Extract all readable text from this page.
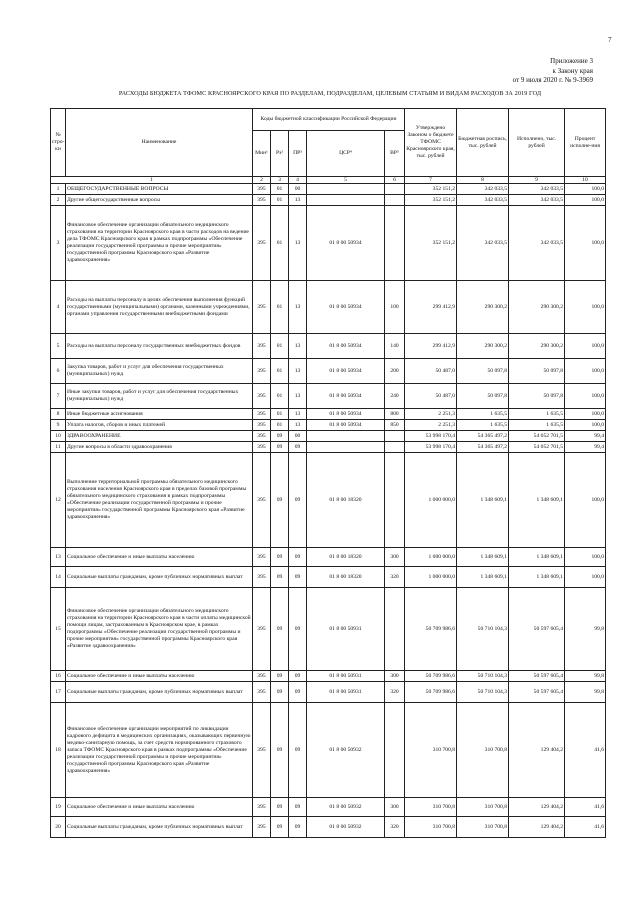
7
Приложение 3
к Закону края
от 9 июля 2020 г. № 9-3969
РАСХОДЫ БЮДЖЕТА ТФОМС КРАСНОЯРСКОГО КРАЯ ПО РАЗДЕЛАМ, ПОДРАЗДЕЛАМ, ЦЕЛЕВЫМ СТАТЬЯМ И ВИДАМ РАСХОДОВ ЗА 2019 ГОД
№ стро-ки	Наименование	Коды бюджетной классификации Российской Федерации					Утверждено Законом о бюджете ТФОМС Красноярского края, тыс. рублей	Бюджетная роспись, тыс. рублей	Исполнено, тыс. рублей	Процент исполне-ния
		Мин¹	Рз²	ПР³	ЦСР⁴	ВР⁵				
1		2	3	4	5	6	7	8	9	10
1	ОБЩЕГОСУДАРСТВЕННЫЕ ВОПРОСЫ	395	01	00			352 151,2	342 033,5	342 033,5	100,0
2	Другие общегосударственные вопросы	395	01	13			352 151,2	342 033,5	342 033,5	100,0
3	Финансовое обеспечение организации обязательного медицинского страхования на территории Красноярского края в части расходов на ведение дела ТФОМС Красноярского края в рамках подпрограммы «Обеспечение реализации государственной программы и прочие мероприятия» государственной программы Красноярского края «Развитие здравоохранения»	395	01	13	01 8 00 50934		352 151,2	342 033,5	342 033,5	100,0
4	Расходы на выплаты персоналу в целях обеспечения выполнения функций государственными (муниципальными) органами, казенными учреждениями, органами управления государственными внебюджетными фондами	395	01	13	01 8 00 50934	100	299 412,9	290 300,2	290 300,2	100,0
5	Расходы на выплаты персоналу государственных внебюджетных фондов	395	01	13	01 8 00 50934	140	299 412,9	290 300,2	290 300,2	100,0
6	Закупка товаров, работ и услуг для обеспечения государственных (муниципальных) нужд	395	01	13	01 8 00 50934	200	50 487,0	50 097,8	50 097,8	100,0
7	Иные закупки товаров, работ и услуг для обеспечения государственных (муниципальных) нужд	395	01	13	01 8 00 50934	240	50 487,0	50 097,8	50 097,8	100,0
8	Иные бюджетные ассигнования	395	01	13	01 8 00 50934	800	2 251,3	1 635,5	1 635,5	100,0
9	Уплата налогов, сборов и иных платежей	395	01	13	01 8 00 50934	850	2 251,3	1 635,5	1 635,5	100,0
10	ЗДРАВООХРАНЕНИЕ	395	09	00			53 998 170,4	54 365 497,2	54 052 701,5	99,4
11	Другие вопросы в области здравоохранения	395	09	09			53 998 170,4	54 365 497,2	54 052 701,5	99,4
12	Выполнение территориальной программы обязательного медицинского страхования населения Красноярского края в пределах базовой программы обязательного медицинского страхования в рамках подпрограммы «Обеспечение реализации государственной программы и прочие мероприятия» государственной программы Красноярского края «Развитие здравоохранения»	395	09	09	01 8 00 18320		1 000 000,0	1 348 609,1	1 348 609,1	100,0
13	Социальное обеспечение и иные выплаты населению	395	09	09	01 8 00 18320	300	1 000 000,0	1 348 609,1	1 348 609,1	100,0
14	Социальные выплаты гражданам, кроме публичных нормативных выплат	395	09	09	01 8 00 18320	320	1 000 000,0	1 348 609,1	1 348 609,1	100,0
15	Финансовое обеспечение организации обязательного медицинского страхования на территории Красноярского края в части оплаты медицинской помощи лицам, застрахованным в Красноярском крае, в рамках подпрограммы «Обеспечение реализации государственной программы и прочие мероприятия» государственной программы Красноярского края «Развитие здравоохранения»	395	09	09	01 8 00 50931		50 709 986,6	50 710 104,3	50 597 605,4	99,8
16	Социальное обеспечение и иные выплаты населению	395	09	09	01 8 00 50931	300	50 709 986,6	50 710 104,3	50 597 605,4	99,8
17	Социальные выплаты гражданам, кроме публичных нормативных выплат	395	09	09	01 8 00 50931	320	50 709 986,6	50 710 104,3	50 597 605,4	99,8
18	Финансовое обеспечение организации мероприятий по ликвидации кадрового дефицита в медицинских организациях, оказывающих первичную медико-санитарную помощь, за счет средств нормированного страхового запаса ТФОМС Красноярского края в рамках подпрограммы «Обеспечение реализации государственной программы и прочие мероприятия» государственной программы Красноярского края «Развитие здравоохранения»	395	09	09	01 8 00 50932		310 700,8	310 700,8	129 404,2	41,6
19	Социальное обеспечение и иные выплаты населению	395	09	09	01 8 00 50932	300	310 700,8	310 700,8	129 404,2	41,6
20	Социальные выплаты гражданам, кроме публичных нормативных выплат	395	09	09	01 8 00 50932	320	310 700,8	310 700,8	129 404,2	41,6
